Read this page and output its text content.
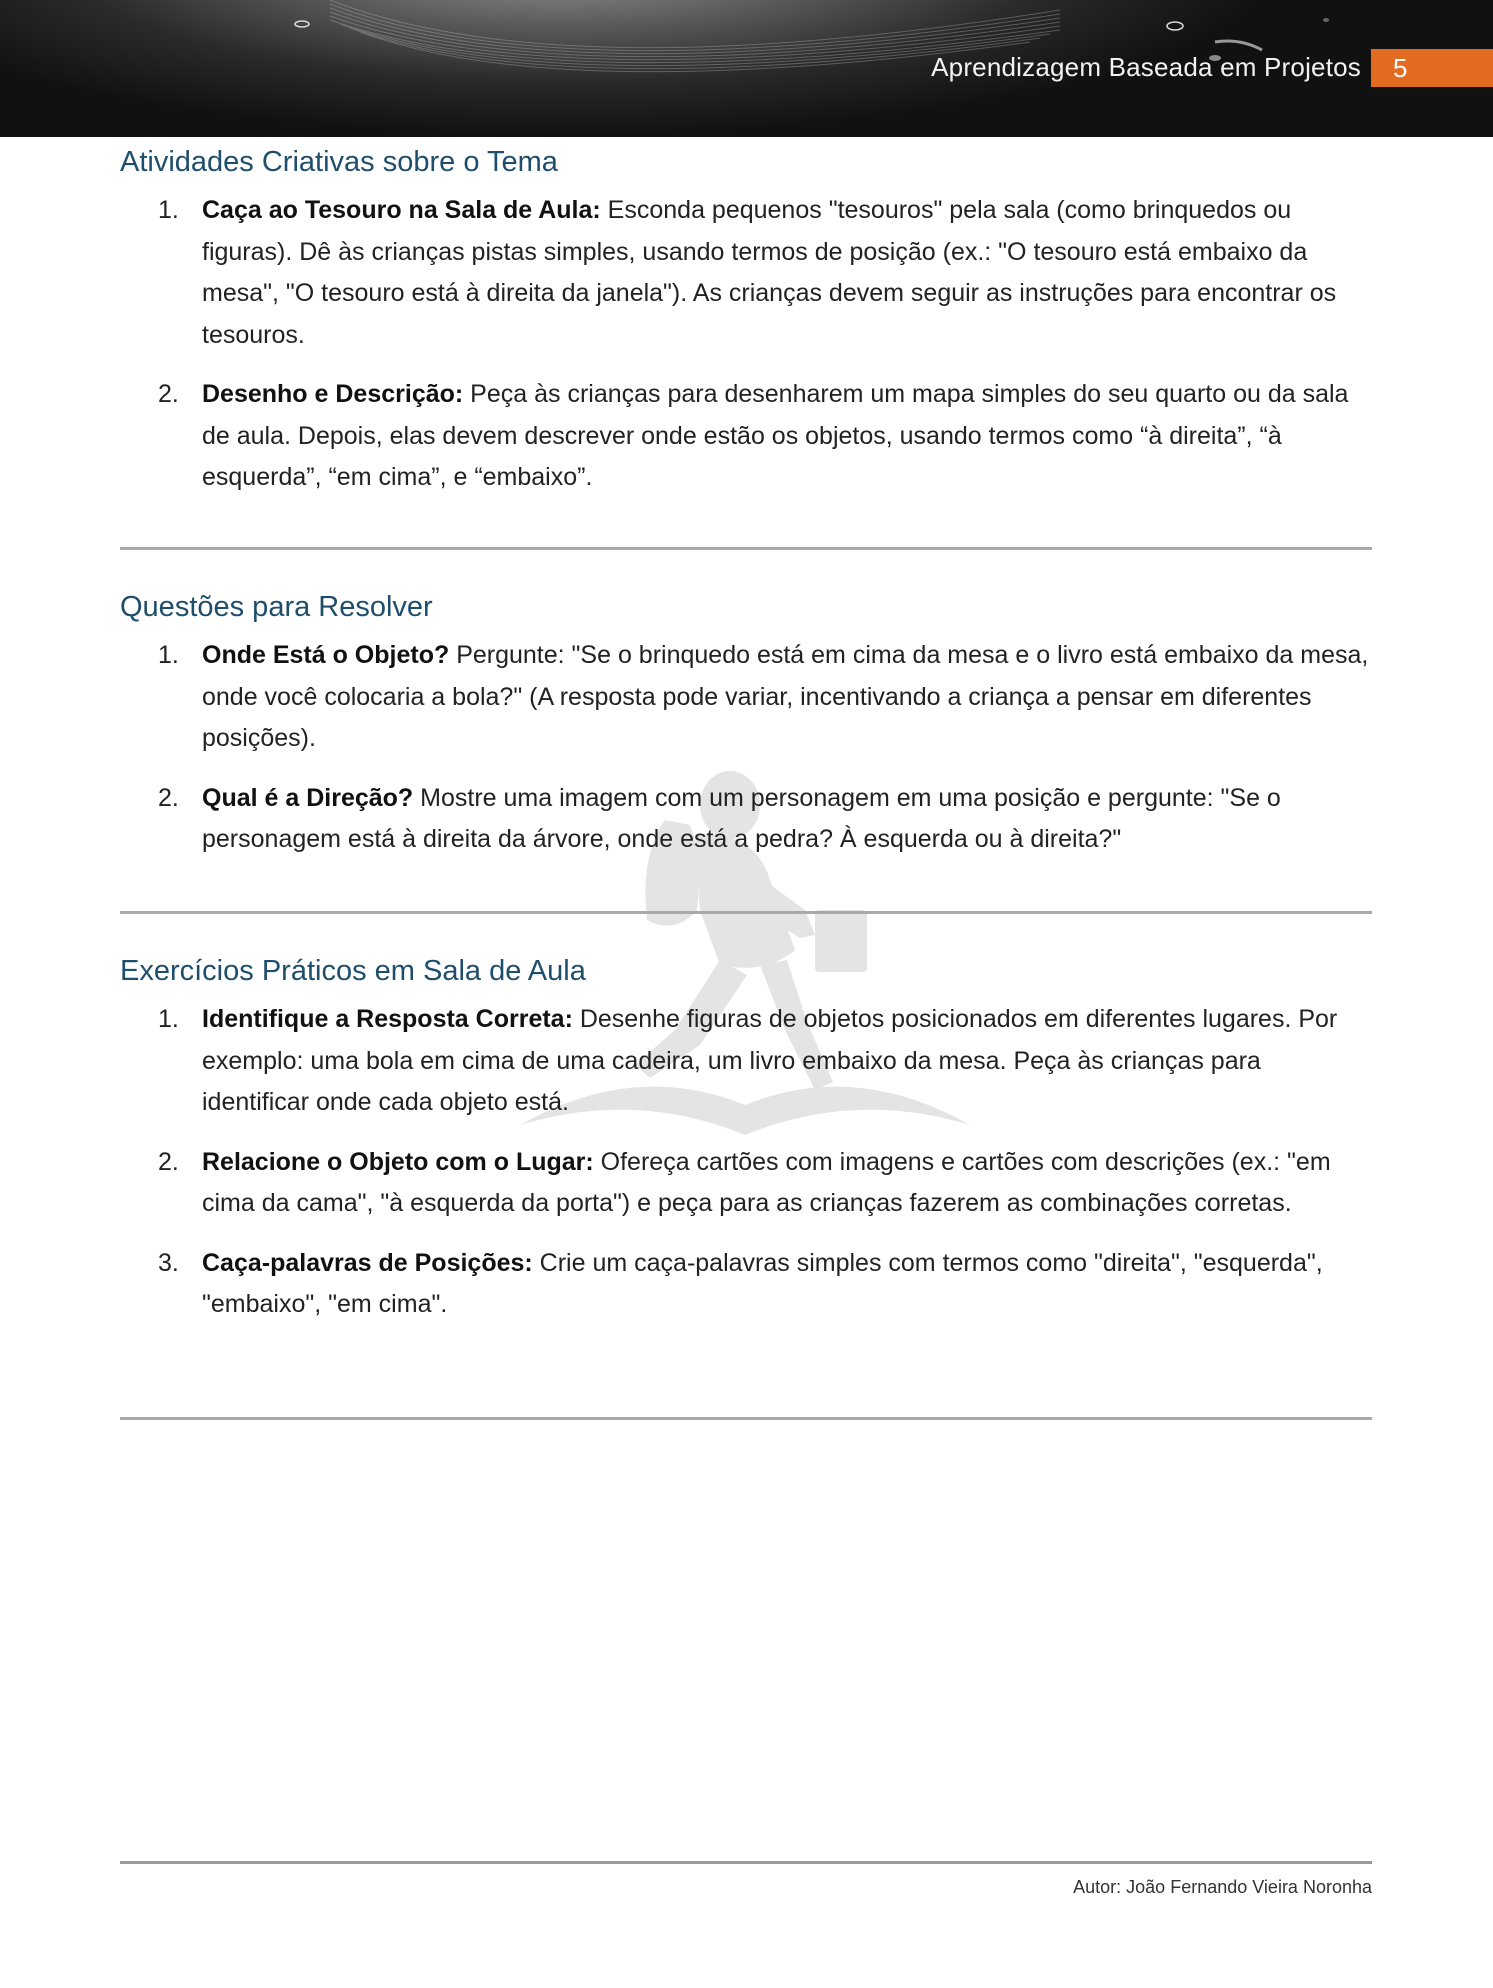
Aprendizagem Baseada em Projetos 5
Atividades Criativas sobre o Tema
1. Caça ao Tesouro na Sala de Aula: Esconda pequenos "tesouros" pela sala (como brinquedos ou figuras). Dê às crianças pistas simples, usando termos de posição (ex.: "O tesouro está embaixo da mesa", "O tesouro está à direita da janela"). As crianças devem seguir as instruções para encontrar os tesouros.
2. Desenho e Descrição: Peça às crianças para desenharem um mapa simples do seu quarto ou da sala de aula. Depois, elas devem descrever onde estão os objetos, usando termos como “à direita”, “à esquerda”, “em cima”, e “embaixo”.
Questões para Resolver
1. Onde Está o Objeto? Pergunte: "Se o brinquedo está em cima da mesa e o livro está embaixo da mesa, onde você colocaria a bola?" (A resposta pode variar, incentivando a criança a pensar em diferentes posições).
2. Qual é a Direção? Mostre uma imagem com um personagem em uma posição e pergunte: "Se o personagem está à direita da árvore, onde está a pedra? À esquerda ou à direita?"
Exercícios Práticos em Sala de Aula
1. Identifique a Resposta Correta: Desenhe figuras de objetos posicionados em diferentes lugares. Por exemplo: uma bola em cima de uma cadeira, um livro embaixo da mesa. Peça às crianças para identificar onde cada objeto está.
2. Relacione o Objeto com o Lugar: Ofereça cartões com imagens e cartões com descrições (ex.: "em cima da cama", "à esquerda da porta") e peça para as crianças fazerem as combinações corretas.
3. Caça-palavras de Posições: Crie um caça-palavras simples com termos como "direita", "esquerda", "embaixo", "em cima".
Autor: João Fernando Vieira Noronha
